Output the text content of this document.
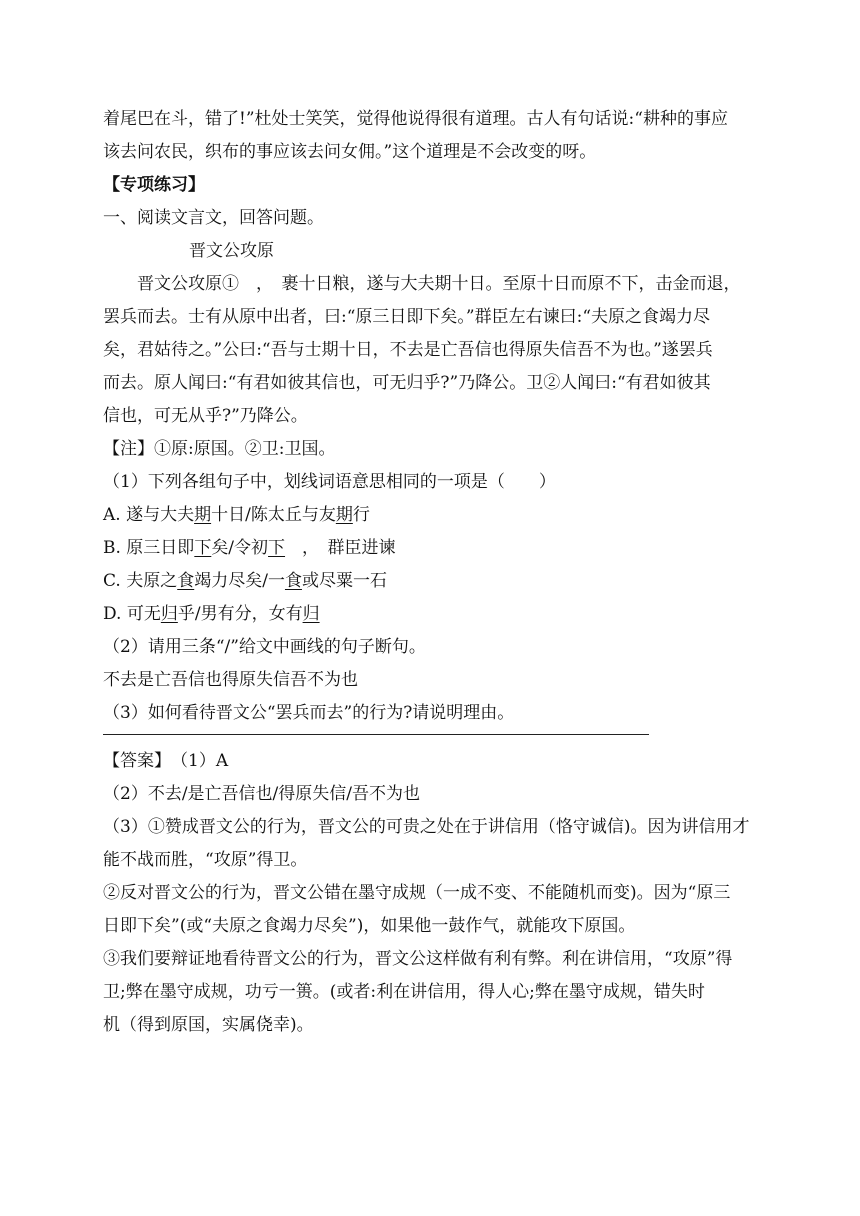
着尾巴在斗，错了!”杜处士笑笑，觉得他说得很有道理。古人有句话说:“耕种的事应
该去问农民，织布的事应该去问女佣。”这个道理是不会改变的呀。
【专项练习】
一、阅读文言文，回答问题。
晋文公攻原
晋文公攻原①　，　裹十日粮，遂与大夫期十日。至原十日而原不下，击金而退，
罢兵而去。士有从原中出者，曰:“原三日即下矣。”群臣左右谏曰:“夫原之食竭力尽
矣，君姑待之。”公曰:“吾与士期十日，不去是亡吾信也得原失信吾不为也。”遂罢兵
而去。原人闻曰:“有君如彼其信也，可无归乎?”乃降公。卫②人闻曰:“有君如彼其
信也，可无从乎?”乃降公。
【注】①原:原国。②卫:卫国。
（1）下列各组句子中，划线词语意思相同的一项是（　　）
A. 遂与大夫期十日/陈太丘与友期行
B. 原三日即下矣/令初下　，　群臣进谏
C. 夫原之食竭力尽矣/一食或尽粟一石
D. 可无归乎/男有分，女有归
（2）请用三条“/”给文中画线的句子断句。
不去是亡吾信也得原失信吾不为也
（3）如何看待晋文公“罢兵而去”的行为?请说明理由。
【答案】　（1）A
（2）不去/是亡吾信也/得原失信/吾不为也
（3）①赞成晋文公的行为，晋文公的可贵之处在于讲信用（恪守诚信)。因为讲信用才
能不战而胜，“攻原”得卫。
②反对晋文公的行为，晋文公错在墨守成规（一成不变、不能随机而变)。因为“原三
日即下矣”(或“夫原之食竭力尽矣”)，如果他一鼓作气，就能攻下原国。
③我们要辩证地看待晋文公的行为，晋文公这样做有利有弊。利在讲信用，“攻原”得
卫;弊在墨守成规，功亏一篑。(或者:利在讲信用，得人心;弊在墨守成规，错失时
机（得到原国，实属侥幸)。
